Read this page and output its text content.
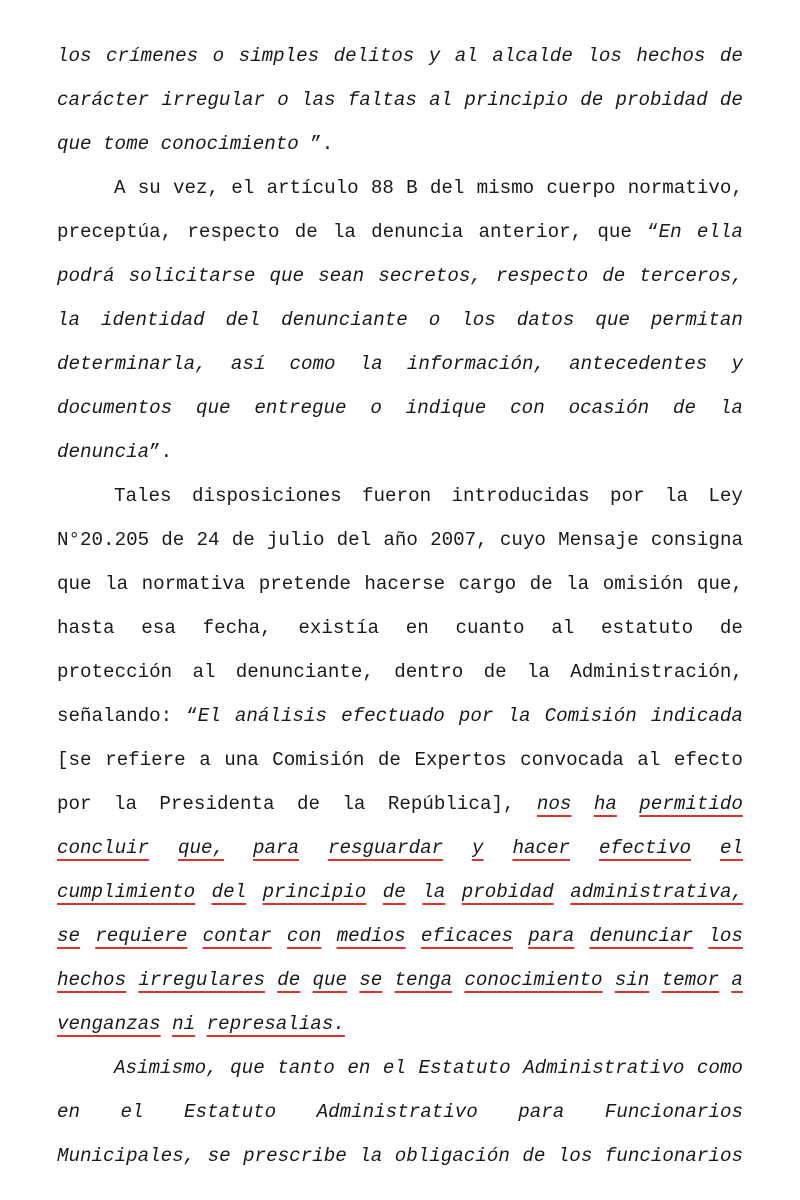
los crímenes o simples delitos y al alcalde los hechos de
carácter irregular o las faltas al principio de probidad de
que tome conocimiento ”.
A su vez, el artículo 88 B del mismo cuerpo normativo,
preceptúa, respecto de la denuncia anterior, que “En ella
podrá solicitarse que sean secretos, respecto de terceros,
la identidad del denunciante o los datos que permitan
determinarla, así como la información, antecedentes y
documentos que entregue o indique con ocasión de la
denuncia”.
Tales disposiciones fueron introducidas por la Ley
N°20.205 de 24 de julio del año 2007, cuyo Mensaje consigna
que la normativa pretende hacerse cargo de la omisión que,
hasta esa fecha, existía en cuanto al estatuto de
protección al denunciante, dentro de la Administración,
señalando: “El análisis efectuado por la Comisión indicada
[se refiere a una Comisión de Expertos convocada al efecto
por la Presidenta de la República], nos ha permitido
concluir que, para resguardar y hacer efectivo el
cumplimiento del principio de la probidad administrativa,
se requiere contar con medios eficaces para denunciar los
hechos irregulares de que se tenga conocimiento sin temor a
venganzas ni represalias.
Asimismo, que tanto en el Estatuto Administrativo como
en el Estatuto Administrativo para Funcionarios
Municipales, se prescribe la obligación de los funcionarios
